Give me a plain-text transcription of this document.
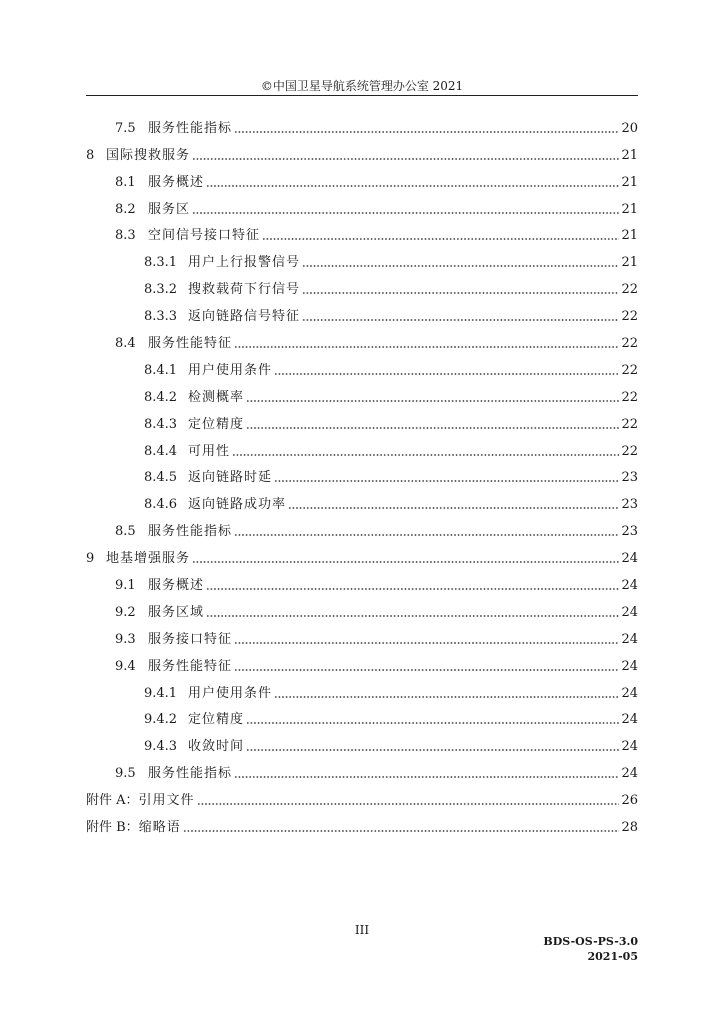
©中国卫星导航系统管理办公室 2021
7.5 服务性能指标	20
8 国际搜救服务	21
8.1 服务概述	21
8.2 服务区	21
8.3 空间信号接口特征	21
8.3.1 用户上行报警信号	21
8.3.2 搜救载荷下行信号	22
8.3.3 返向链路信号特征	22
8.4 服务性能特征	22
8.4.1 用户使用条件	22
8.4.2 检测概率	22
8.4.3 定位精度	22
8.4.4 可用性	22
8.4.5 返向链路时延	23
8.4.6 返向链路成功率	23
8.5 服务性能指标	23
9 地基增强服务	24
9.1 服务概述	24
9.2 服务区域	24
9.3 服务接口特征	24
9.4 服务性能特征	24
9.4.1 用户使用条件	24
9.4.2 定位精度	24
9.4.3 收敛时间	24
9.5 服务性能指标	24
附件 A： 引用文件	26
附件 B： 缩略语	28
III
BDS-OS-PS-3.0
2021-05
